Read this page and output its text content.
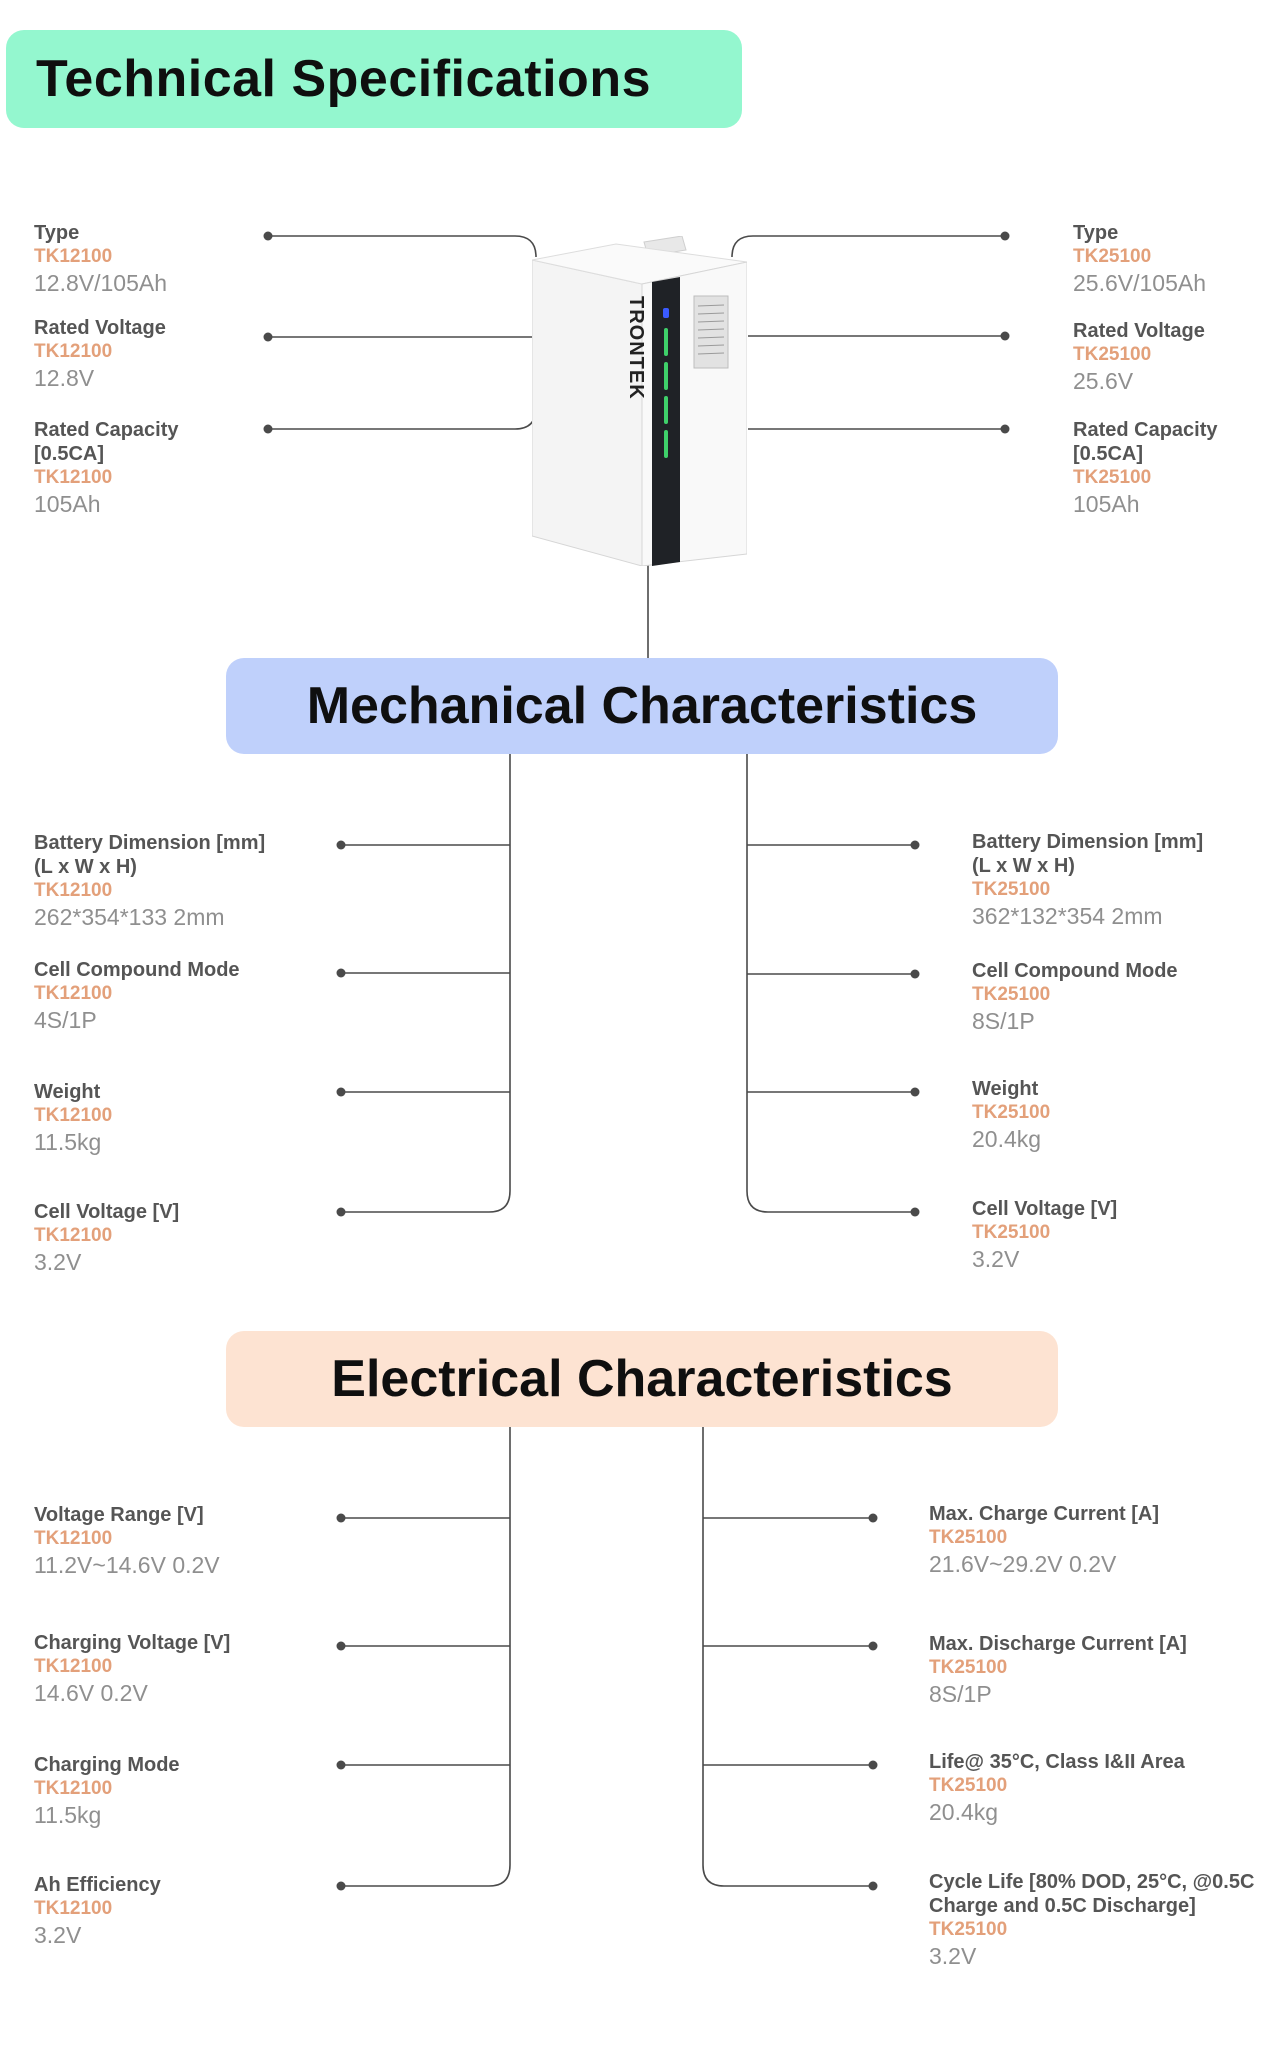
Technical Specifications
Mechanical Characteristics
Electrical Characteristics
TRONTEK
Type
TK12100
12.8V/105Ah
Rated Voltage
TK12100
12.8V
Rated Capacity
[0.5CA]
TK12100
105Ah
Type
TK25100
25.6V/105Ah
Rated Voltage
TK25100
25.6V
Rated Capacity
[0.5CA]
TK25100
105Ah
Battery Dimension [mm]
(L x W x H)
TK12100
262*354*133 2mm
Cell Compound Mode
TK12100
4S/1P
Weight
TK12100
11.5kg
Cell Voltage [V]
TK12100
3.2V
Battery Dimension [mm]
(L x W x H)
TK25100
362*132*354 2mm
Cell Compound Mode
TK25100
8S/1P
Weight
TK25100
20.4kg
Cell Voltage [V]
TK25100
3.2V
Voltage Range [V]
TK12100
11.2V~14.6V 0.2V
Charging Voltage [V]
TK12100
14.6V 0.2V
Charging Mode
TK12100
11.5kg
Ah Efficiency
TK12100
3.2V
Max. Charge Current [A]
TK25100
21.6V~29.2V 0.2V
Max. Discharge Current [A]
TK25100
8S/1P
Life@ 35°C, Class I&II Area
TK25100
20.4kg
Cycle Life [80% DOD, 25°C, @0.5C
Charge and 0.5C Discharge]
TK25100
3.2V
